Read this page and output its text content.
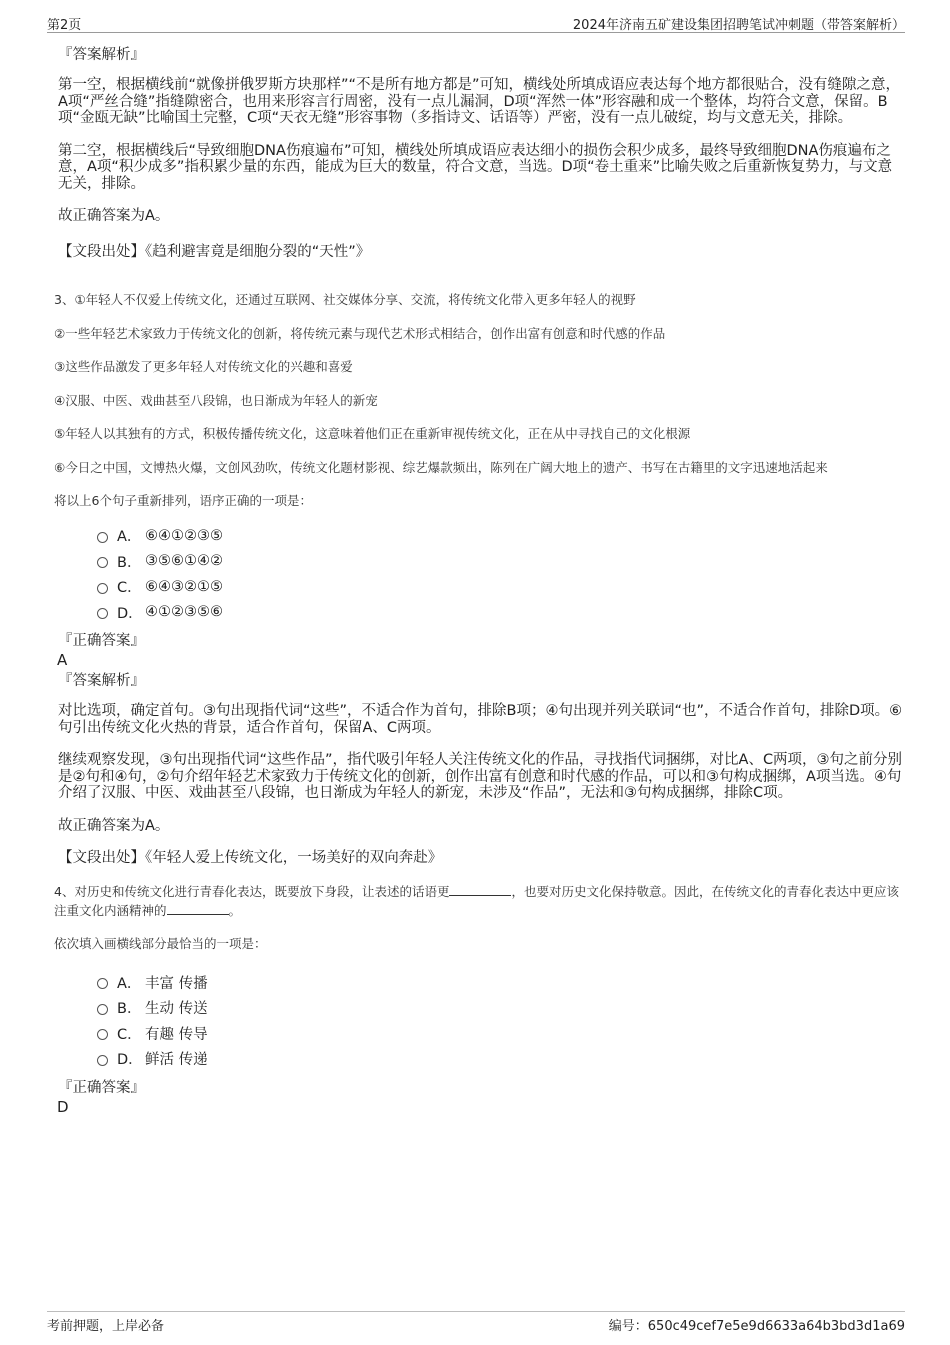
第2页	2024年济南五矿建设集团招聘笔试冲刺题（带答案解析）
『答案解析』
第一空，根据横线前“就像拼俄罗斯方块那样”“不是所有地方都是”可知，横线处所填成语应表达每个地方都很贴合，没有缝隙之意，A项“严丝合缝”指缝隙密合，也用来形容言行周密，没有一点儿漏洞，D项“浑然一体”形容融和成一个整体，均符合文意，保留。B项“金瓯无缺”比喻国土完整，C项“天衣无缝”形容事物（多指诗文、话语等）严密，没有一点儿破绽，均与文意无关，排除。
第二空，根据横线后“导致细胞DNA伤痕遍布”可知，横线处所填成语应表达细小的损伤会积少成多，最终导致细胞DNA伤痕遍布之意，A项“积少成多”指积累少量的东西，能成为巨大的数量，符合文意，当选。D项“卷土重来”比喻失败之后重新恢复势力，与文意无关，排除。
故正确答案为A。
【文段出处】《趋利避害竟是细胞分裂的“天性”》
3、①年轻人不仅爱上传统文化，还通过互联网、社交媒体分享、交流，将传统文化带入更多年轻人的视野
②一些年轻艺术家致力于传统文化的创新，将传统元素与现代艺术形式相结合，创作出富有创意和时代感的作品
③这些作品激发了更多年轻人对传统文化的兴趣和喜爱
④汉服、中医、戏曲甚至八段锦，也日渐成为年轻人的新宠
⑤年轻人以其独有的方式，积极传播传统文化，这意味着他们正在重新审视传统文化，正在从中寻找自己的文化根源
⑥今日之中国，文博热火爆，文创风劲吹，传统文化题材影视、综艺爆款频出，陈列在广阔大地上的遗产、书写在古籍里的文字迅速地活起来
将以上6个句子重新排列，语序正确的一项是：
A． ⑥④①②③⑤
B． ③⑤⑥①④②
C． ⑥④③②①⑤
D． ④①②③⑤⑥
『正确答案』
A
『答案解析』
对比选项，确定首句。③句出现指代词“这些”，不适合作为首句，排除B项；④句出现并列关联词“也”，不适合作首句，排除D项。⑥句引出传统文化火热的背景，适合作首句，保留A、C两项。
继续观察发现，③句出现指代词“这些作品”，指代吸引年轻人关注传统文化的作品，寻找指代词捆绑，对比A、C两项，③句之前分别是②句和④句，②句介绍年轻艺术家致力于传统文化的创新，创作出富有创意和时代感的作品，可以和③句构成捆绑，A项当选。④句介绍了汉服、中医、戏曲甚至八段锦，也日渐成为年轻人的新宠，未涉及“作品”，无法和③句构成捆绑，排除C项。
故正确答案为A。
【文段出处】《年轻人爱上传统文化，一场美好的双向奔赴》
4、对历史和传统文化进行青春化表达，既要放下身段，让表述的话语更	，也要对历史文化保持敬意。因此，在传统文化的青春化表达中更应该注重文化内涵精神的	。
依次填入画横线部分最恰当的一项是：
A． 丰富 传播
B． 生动 传送
C． 有趣 传导
D． 鲜活 传递
『正确答案』
D
考前押题，上岸必备	编号：650c49cef7e5e9d6633a64b3bd3d1a69
